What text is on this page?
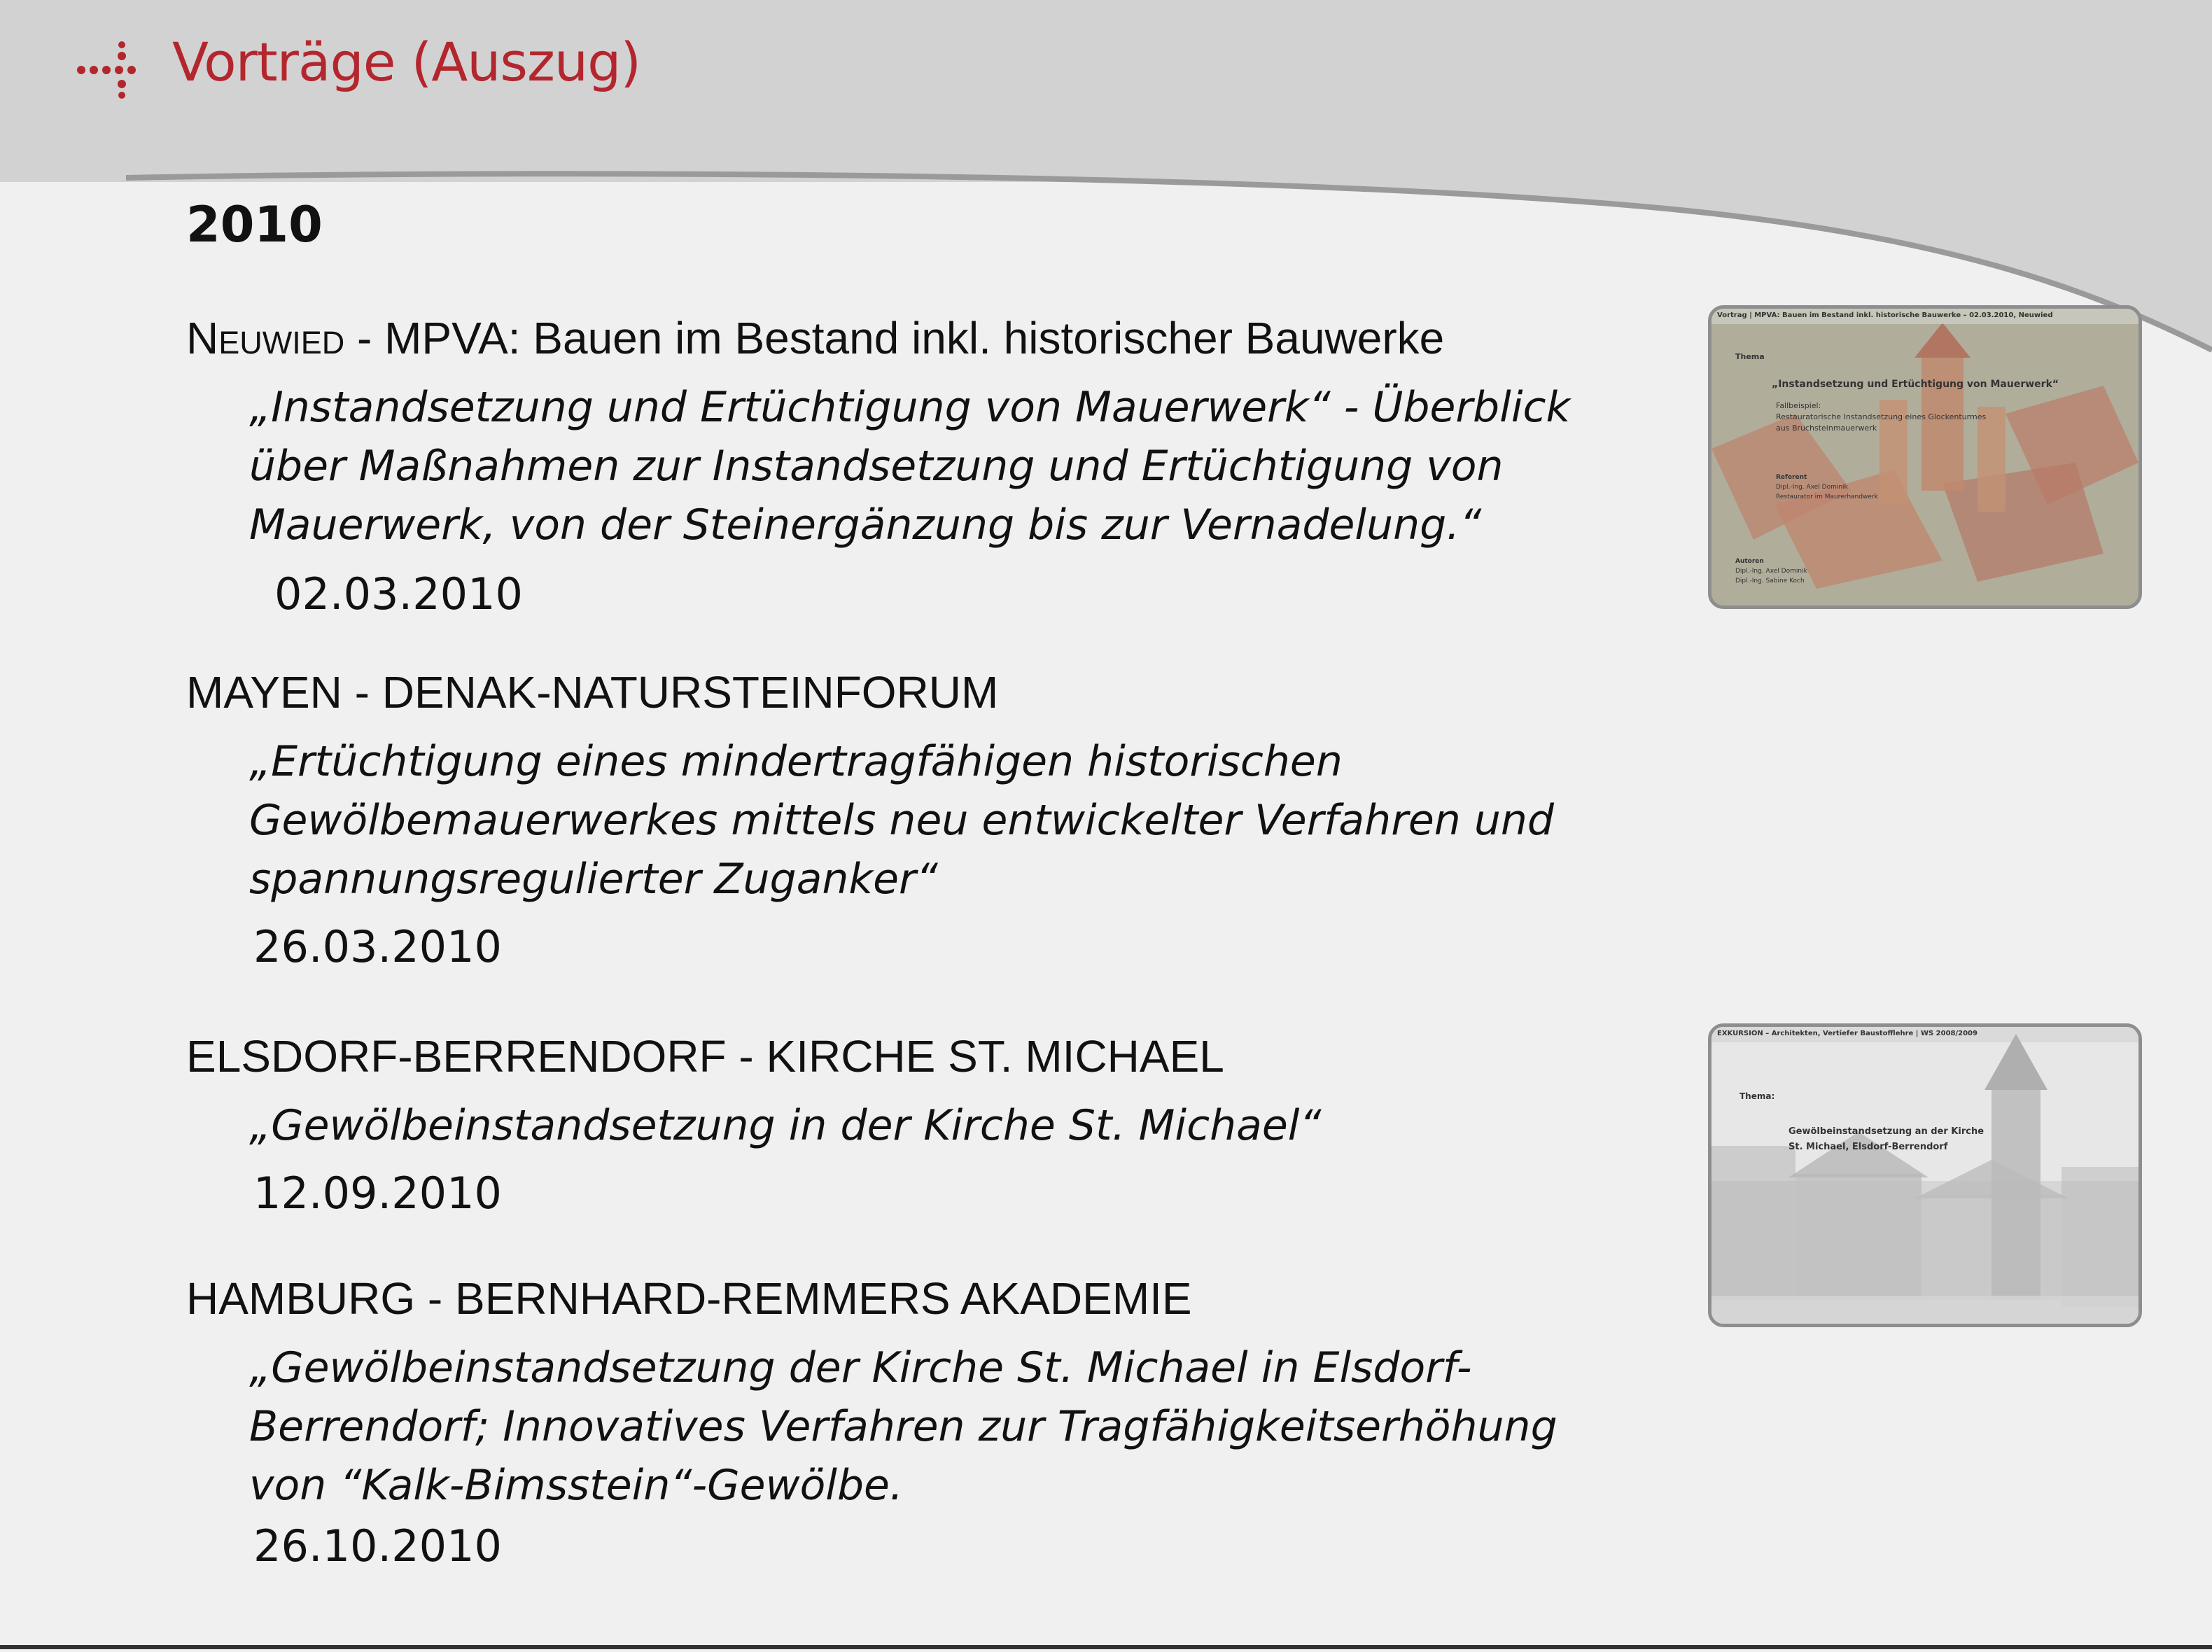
Vorträge (Auszug)
2010
Neuwied - MPVA: Bauen im Bestand inkl. historischer Bauwerke
„Instandsetzung und Ertüchtigung von Mauerwerk“ - Überblick
über Maßnahmen zur Instandsetzung und Ertüchtigung von
Mauerwerk, von der Steinergänzung bis zur Vernadelung.“
02.03.2010
MAYEN - DENAK-NATURSTEINFORUM
„Ertüchtigung eines mindertragfähigen historischen
Gewölbemauerwerkes mittels neu entwickelter Verfahren und
spannungsregulierter Zuganker“
26.03.2010
ELSDORF-BERRENDORF - KIRCHE ST. MICHAEL
„Gewölbeinstandsetzung in der Kirche St. Michael“
12.09.2010
HAMBURG - BERNHARD-REMMERS AKADEMIE
„Gewölbeinstandsetzung der Kirche St. Michael in Elsdorf-
Berrendorf; Innovatives Verfahren zur Tragfähigkeitserhöhung
von “Kalk-Bimsstein“-Gewölbe.
26.10.2010
Vortrag | MPVA: Bauen im Bestand inkl. historische Bauwerke – 02.03.2010, Neuwied
Thema
„Instandsetzung und Ertüchtigung von Mauerwerk“
Fallbeispiel:
Restauratorische Instandsetzung eines Glockenturmes
aus Bruchsteinmauerwerk
Referent
Dipl.-Ing. Axel Dominik
Restaurator im Maurerhandwerk
Autoren
Dipl.-Ing. Axel Dominik
Dipl.-Ing. Sabine Koch
EXKURSION – Architekten, Vertiefer Baustofflehre | WS 2008/2009
Thema:
Gewölbeinstandsetzung an der Kirche
St. Michael, Elsdorf-Berrendorf
